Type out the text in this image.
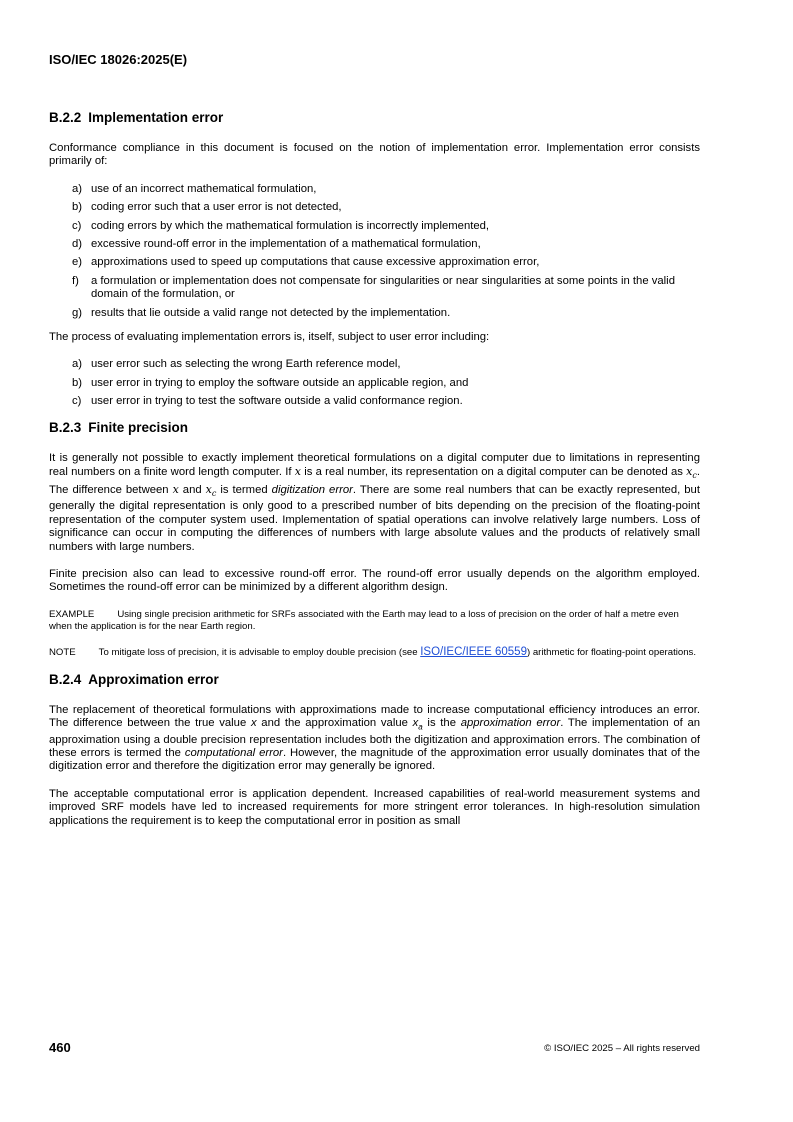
ISO/IEC 18026:2025(E)
B.2.2 Implementation error

Conformance compliance in this document is focused on the notion of implementation error. Implementation error consists primarily of:

a) use of an incorrect mathematical formulation,
b) coding error such that a user error is not detected,
c) coding errors by which the mathematical formulation is incorrectly implemented,
d) excessive round-off error in the implementation of a mathematical formulation,
e) approximations used to speed up computations that cause excessive approximation error,
f) a formulation or implementation does not compensate for singularities or near singularities at some points in the valid domain of the formulation, or
g) results that lie outside a valid range not detected by the implementation.

The process of evaluating implementation errors is, itself, subject to user error including:

a) user error such as selecting the wrong Earth reference model,
b) user error in trying to employ the software outside an applicable region, and
c) user error in trying to test the software outside a valid conformance region.
B.2.3 Finite precision

It is generally not possible to exactly implement theoretical formulations on a digital computer due to limitations in representing real numbers on a finite word length computer. If x is a real number, its representation on a digital computer can be denoted as $x_c$. The difference between x and $x_c$ is termed digitization error. There are some real numbers that can be exactly represented, but generally the digital representation is only good to a prescribed number of bits depending on the precision of the floating-point representation of the computer system used. Implementation of spatial operations can involve relatively large numbers. Loss of significance can occur in computing the differences of numbers with large absolute values and the products of relatively small numbers with large numbers.

Finite precision also can lead to excessive round-off error. The round-off error usually depends on the algorithm employed. Sometimes the round-off error can be minimized by a different algorithm design.

EXAMPLE Using single precision arithmetic for SRFs associated with the Earth may lead to a loss of precision on the order of half a metre even when the application is for the near Earth region.

NOTE To mitigate loss of precision, it is advisable to employ double precision (see ISO/IEC/IEEE 60559) arithmetic for floating-point operations.

B.2.4 Approximation error

The replacement of theoretical formulations with approximations made to increase computational efficiency introduces an error. The difference between the true value x and the approximation value $x_a$ is the approximation error. The implementation of an approximation using a double precision representation includes both the digitization and approximation errors. The combination of these errors is termed the computational error. However, the magnitude of the approximation error usually dominates that of the digitization error and therefore the digitization error may generally be ignored.

The acceptable computational error is application dependent. Increased capabilities of real-world measurement systems and improved SRF models have led to increased requirements for more stringent error tolerances. In high-resolution simulation applications the requirement is to keep the computational error in position as small

460	© ISO/IEC 2025 – All rights reserved
